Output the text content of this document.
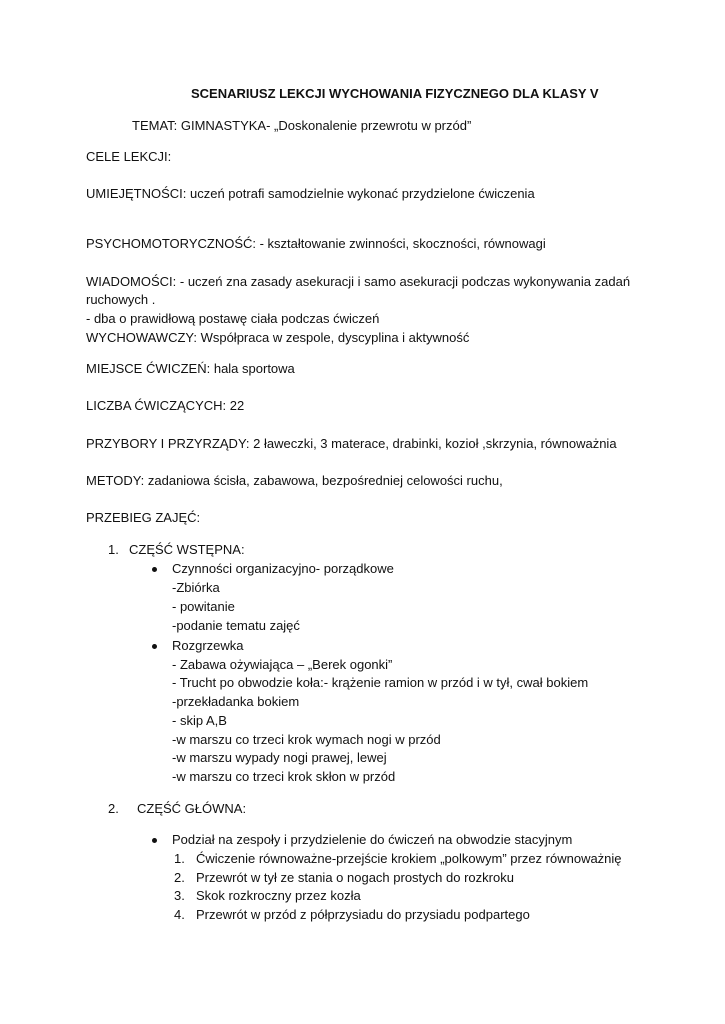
SCENARIUSZ LEKCJI WYCHOWANIA FIZYCZNEGO DLA KLASY V
TEMAT: GIMNASTYKA- „Doskonalenie przewrotu w przód”
CELE LEKCJI:
UMIEJĘTNOŚCI: uczeń potrafi samodzielnie wykonać przydzielone ćwiczenia
PSYCHOMOTORYCZNOŚĆ: - kształtowanie zwinności, skoczności, równowagi
WIADOMOŚCI: - uczeń zna zasady asekuracji i samo asekuracji podczas wykonywania zadań
ruchowych .
- dba o prawidłową postawę ciała podczas ćwiczeń
WYCHOWAWCZY: Współpraca w zespole, dyscyplina i aktywność
MIEJSCE ĆWICZEŃ: hala sportowa
LICZBA ĆWICZĄCYCH: 22
PRZYBORY I PRZYRZĄDY: 2 ławeczki, 3 materace, drabinki, kozioł ,skrzynia, równoważnia
METODY: zadaniowa ścisła, zabawowa, bezpośredniej celowości ruchu,
PRZEBIEG ZAJĘĆ:
1. CZĘŚĆ WSTĘPNA:
Czynności organizacyjno- porządkowe
-Zbiórka
- powitanie
-podanie tematu zajęć
Rozgrzewka
- Zabawa ożywiająca – „Berek ogonki”
- Trucht po obwodzie koła:- krążenie ramion w przód i w tył, cwał bokiem
-przekładanka bokiem
- skip A,B
-w marszu co trzeci krok wymach nogi w przód
-w marszu wypady nogi prawej, lewej
-w marszu co trzeci krok skłon w przód
2. CZĘŚĆ GŁÓWNA:
Podział na zespoły i przydzielenie do ćwiczeń na obwodzie stacyjnym
1. Ćwiczenie równoważne-przejście krokiem „polkowym” przez równoważnię
2. Przewrót w tył ze stania o nogach prostych do rozkroku
3. Skok rozkroczny przez kozła
4. Przewrót w przód z półprzysiadu do przysiadu podpartego
